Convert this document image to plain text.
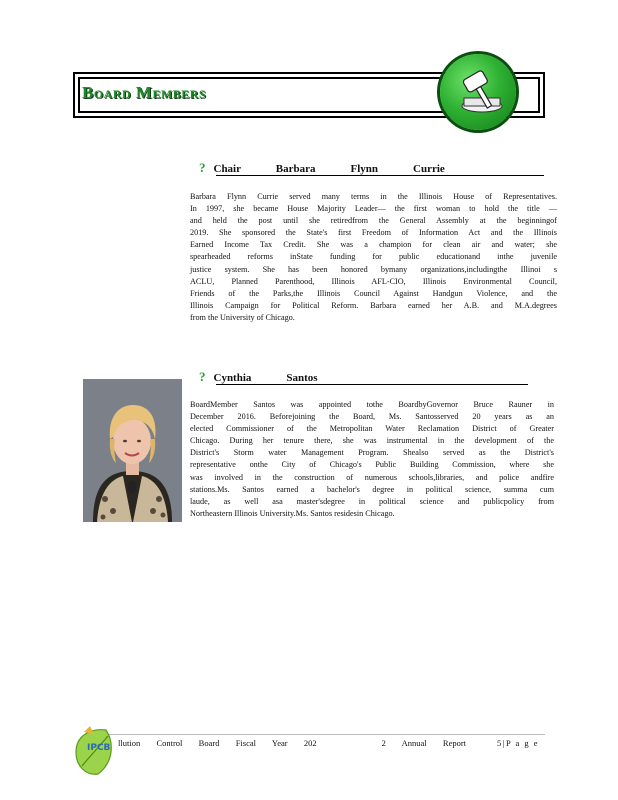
Board Members
? Chair    Barbara    Flynn    Currie
Barbara Flynn Currie served many terms in the Illinois House of Representatives.
In 1997, she became House Majority Leader— the first woman to hold the title —
and held the post until she retiredfrom the General Assembly at the beginningof
2019. She sponsored the State's first Freedom of Information Act and the Illinois
Earned Income Tax Credit. She was a champion for clean air and water; she
spearheaded reforms inState funding for public educationand inthe juvenile
justice system. She has been honored bymany organizations,includingthe Illinoi s
ACLU, Planned Parenthood, Illinois AFL-CIO, Illinois Environmental Council,
Friends of the Parks,the Illinois Council Against Handgun Violence, and the
Illinois Campaign for Political Reform. Barbara earned her A.B. and M.A.degrees
from the University of Chicago.
? Cynthia    Santos
BoardMember Santos was appointed tothe BoardbyGovernor Bruce Rauner in
December 2016. Beforejoining the Board, Ms. Santosserved 20 years as an
elected Commissioner of the Metropolitan Water Reclamation District of Greater
Chicago. During her tenure there, she was instrumental in the development of the
District's Storm water Management Program. Shealso served as the District's
representative onthe City of Chicago's Public Building Commission, where she
was involved in the construction of numerous schools,libraries, and police andfire
stations.Ms. Santos earned a bachelor's degree in political science, summa cum
laude, as well asa master'sdegree in political science and publicpolicy from
Northeastern Illinois University.Ms. Santos residesin Chicago.
IPCB llution  Control  Board  Fiscal  Year  202        2  Annual  Report	5|P a g e
